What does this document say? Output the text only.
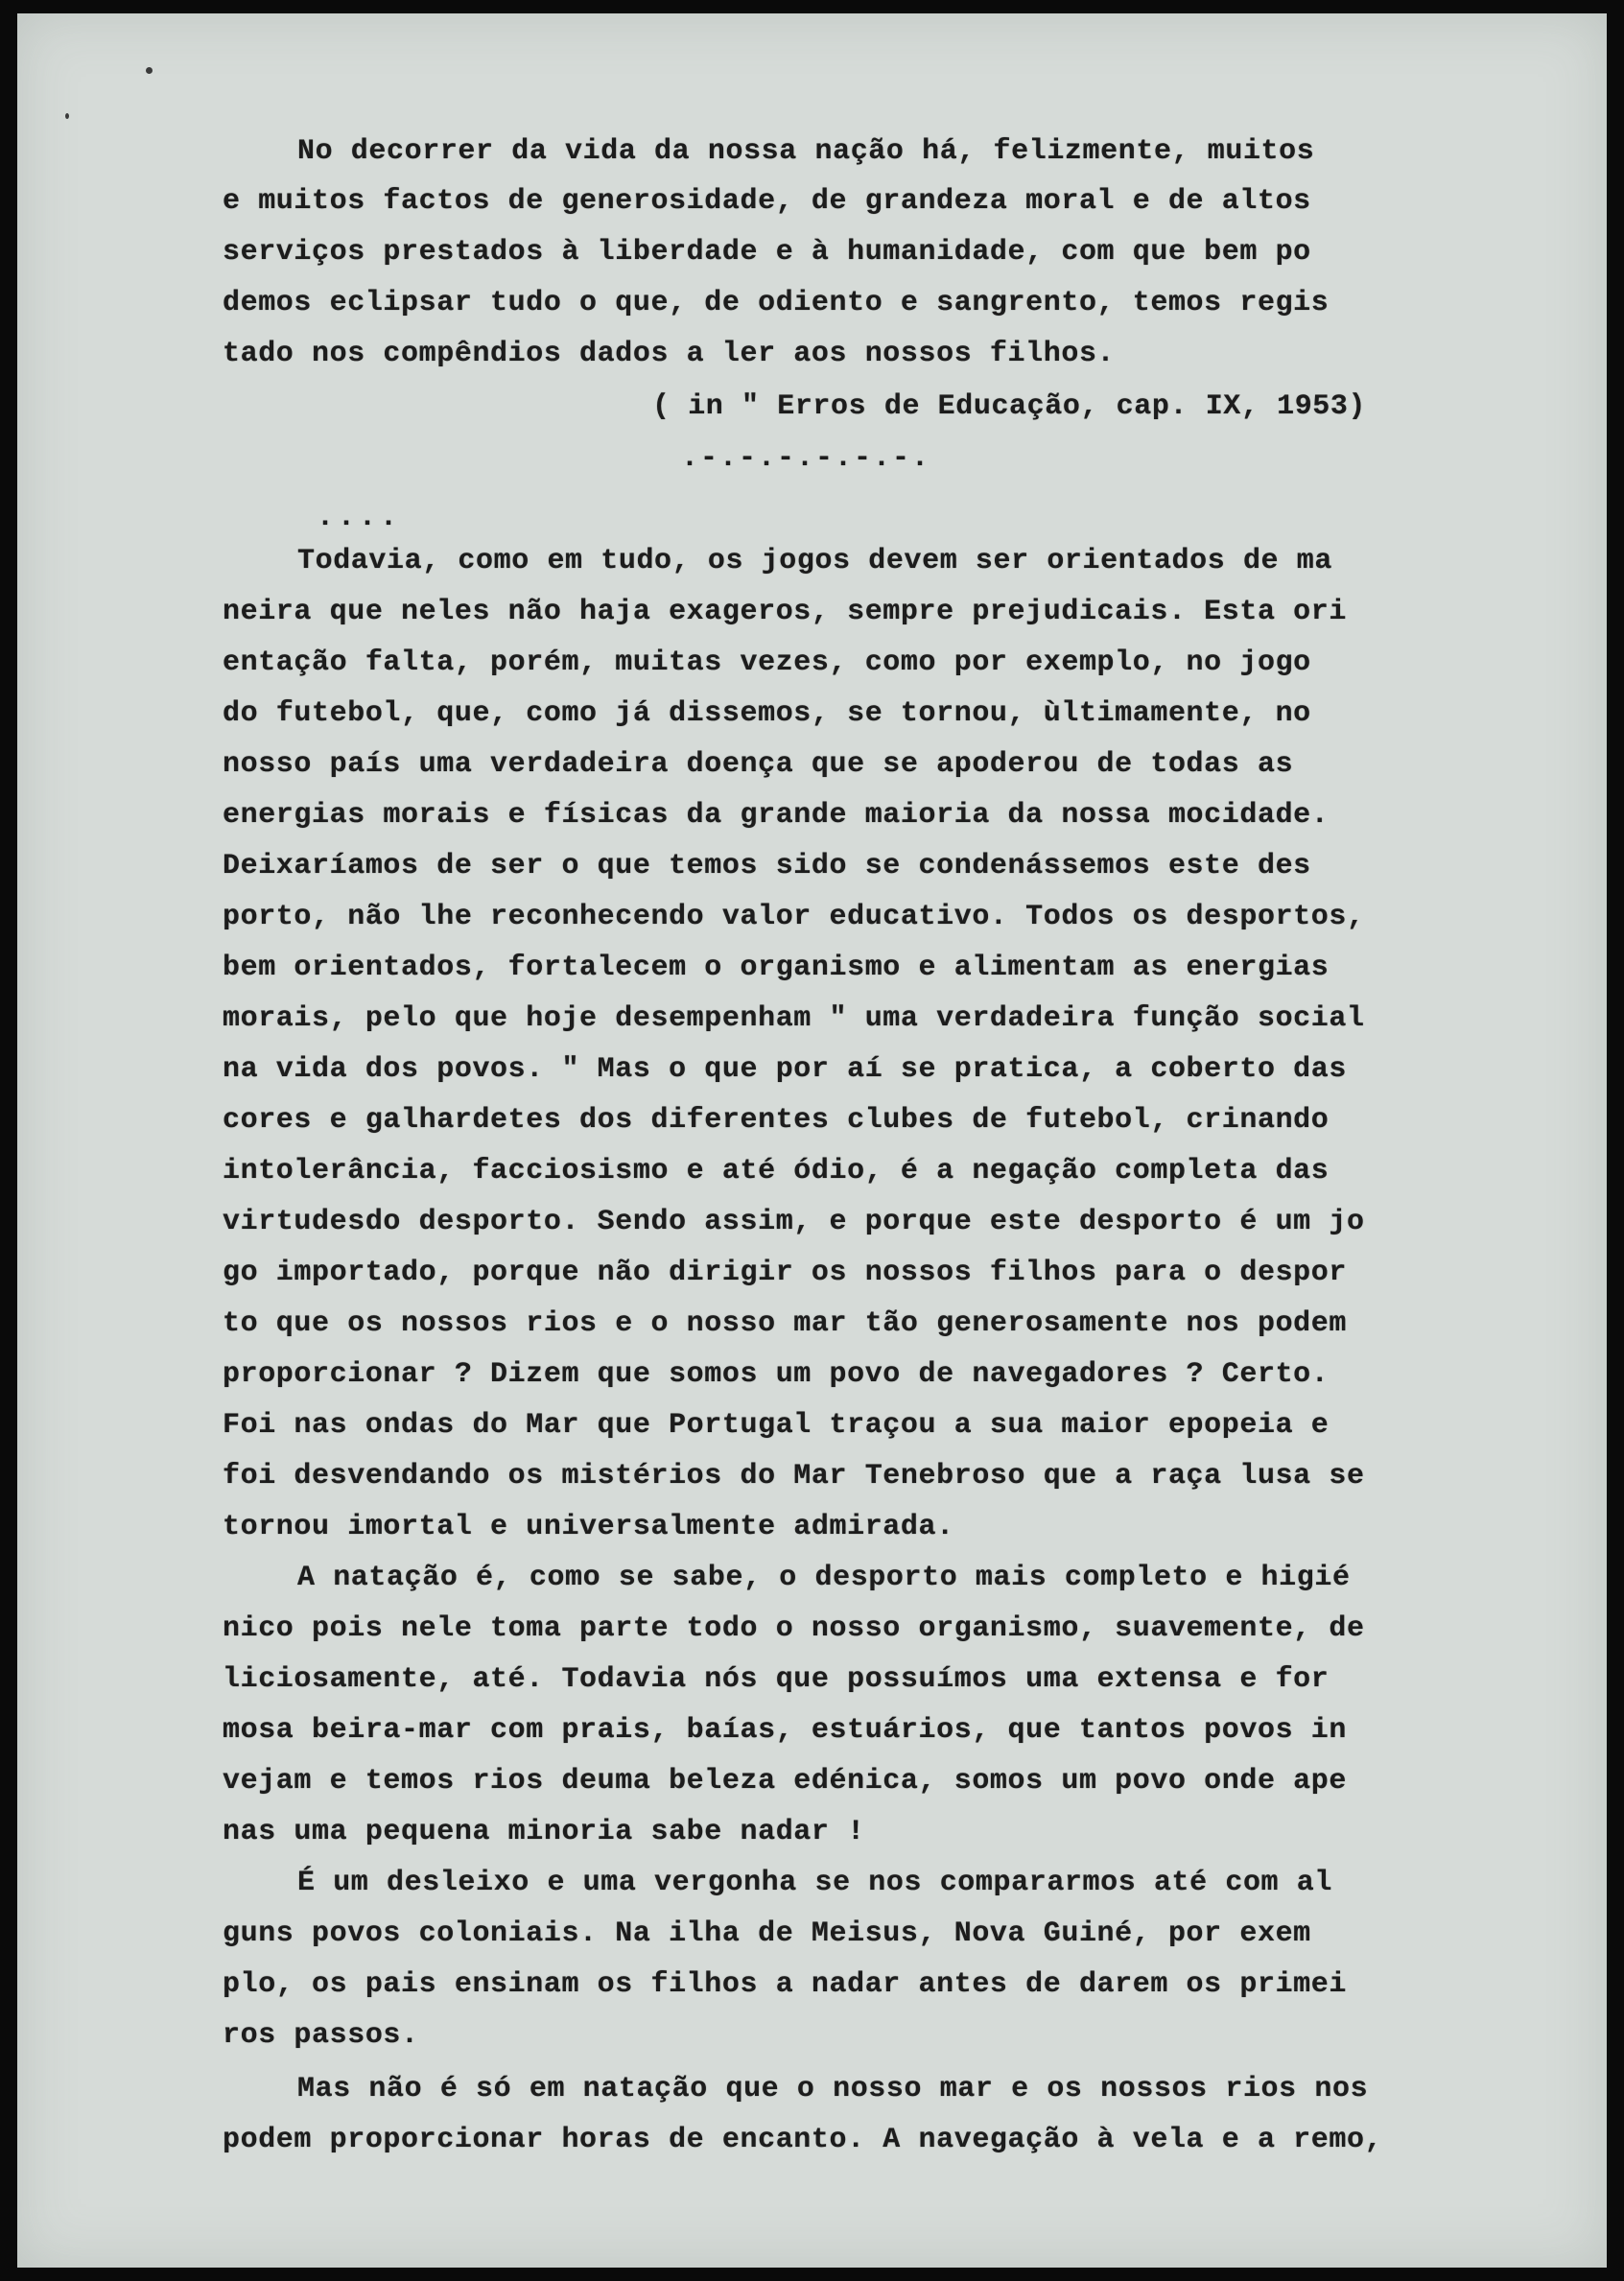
No decorrer da vida da nossa nação há, felizmente, muitos

e muitos factos de generosidade, de grandeza moral e de altos

serviços prestados à liberdade e à humanidade, com que bem po

demos eclipsar tudo o que, de odiento e sangrento, temos regis

tado nos compêndios dados a ler aos nossos filhos.

( in " Erros de Educação, cap. IX, 1953)

.-.-.-.-.-.-.

....

Todavia, como em tudo, os jogos devem ser orientados de ma

neira que neles não haja exageros, sempre prejudicais. Esta ori

entação falta, porém, muitas vezes, como por exemplo, no jogo

do futebol, que, como já dissemos, se tornou, ùltimamente, no

nosso país uma verdadeira doença que se apoderou de todas as

energias morais e físicas da grande maioria da nossa mocidade.

Deixaríamos de ser o que temos sido se condenássemos este des

porto, não lhe reconhecendo valor educativo. Todos os desportos,

bem orientados, fortalecem o organismo e alimentam as energias

morais, pelo que hoje desempenham " uma verdadeira função social

na vida dos povos. " Mas o que por aí se pratica, a coberto das

cores e galhardetes dos diferentes clubes de futebol, crinando

intolerância, facciosismo e até ódio, é a negação completa das

virtudesdo desporto. Sendo assim, e porque este desporto é um jo

go importado, porque não dirigir os nossos filhos para o despor

to que os nossos rios e o nosso mar tão generosamente nos podem

proporcionar ? Dizem que somos um povo de navegadores ? Certo.

Foi nas ondas do Mar que Portugal traçou a sua maior epopeia e

foi desvendando os mistérios do Mar Tenebroso que a raça lusa se

tornou imortal e universalmente admirada.

A natação é, como se sabe, o desporto mais completo e higié

nico pois nele toma parte todo o nosso organismo, suavemente, de

liciosamente, até. Todavia nós que possuímos uma extensa e for

mosa beira-mar com prais, baías, estuários, que tantos povos in

vejam e temos rios deuma beleza edénica, somos um povo onde ape

nas uma pequena minoria sabe nadar !

É um desleixo e uma vergonha se nos compararmos até com al

guns povos coloniais. Na ilha de Meisus, Nova Guiné, por exem

plo, os pais ensinam os filhos a nadar antes de darem os primei

ros passos.

Mas não é só em natação que o nosso mar e os nossos rios nos

podem proporcionar horas de encanto. A navegação à vela e a remo,
